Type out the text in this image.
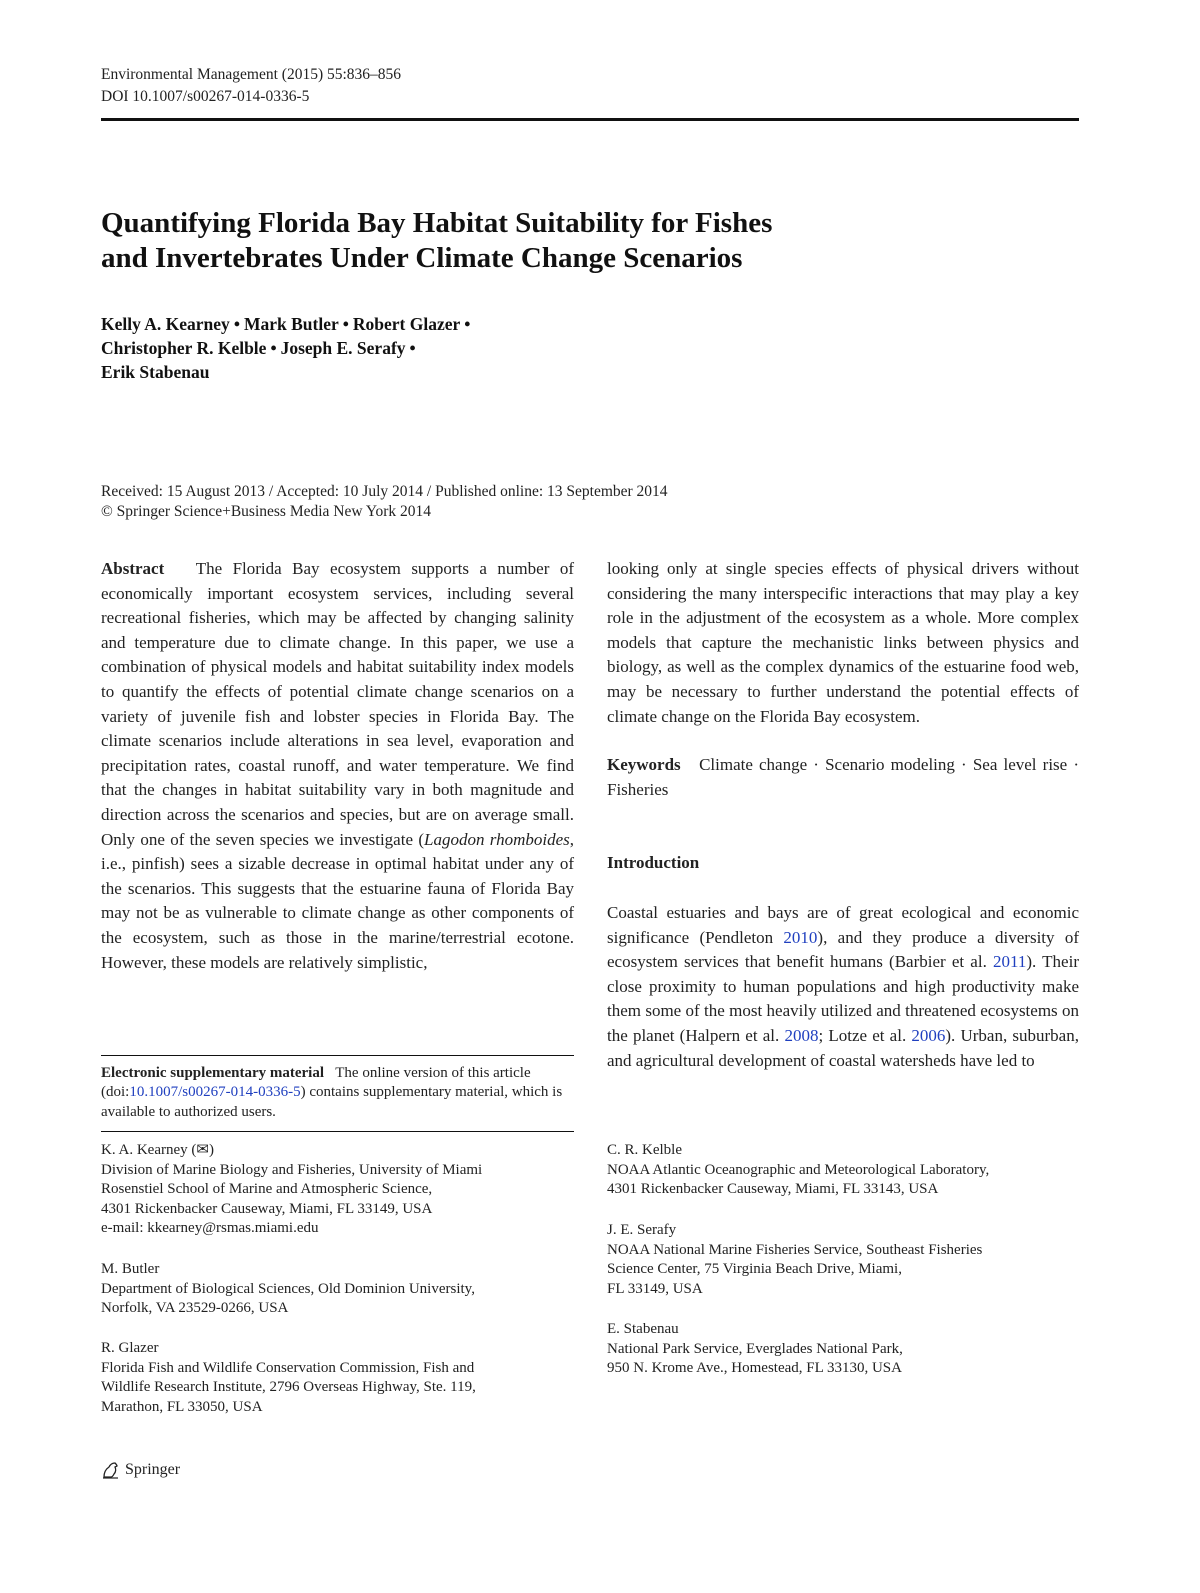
Environmental Management (2015) 55:836–856
DOI 10.1007/s00267-014-0336-5
Quantifying Florida Bay Habitat Suitability for Fishes
and Invertebrates Under Climate Change Scenarios
Kelly A. Kearney • Mark Butler • Robert Glazer •
Christopher R. Kelble • Joseph E. Serafy •
Erik Stabenau
Received: 15 August 2013 / Accepted: 10 July 2014 / Published online: 13 September 2014
© Springer Science+Business Media New York 2014

Abstract The Florida Bay ecosystem supports a number of economically important ecosystem services, including several recreational fisheries, which may be affected by changing salinity and temperature due to climate change. In this paper, we use a combination of physical models and habitat suitability index models to quantify the effects of potential climate change scenarios on a variety of juvenile fish and lobster species in Florida Bay. The climate scenarios include alterations in sea level, evaporation and precipitation rates, coastal runoff, and water temperature. We find that the changes in habitat suitability vary in both magnitude and direction across the scenarios and species, but are on average small. Only one of the seven species we investigate (Lagodon rhomboides, i.e., pinfish) sees a sizable decrease in optimal habitat under any of the scenarios. This suggests that the estuarine fauna of Florida Bay may not be as vulnerable to climate change as other components of the ecosystem, such as those in the marine/terrestrial ecotone. However, these models are relatively simplistic,

looking only at single species effects of physical drivers without considering the many interspecific interactions that may play a key role in the adjustment of the ecosystem as a whole. More complex models that capture the mechanistic links between physics and biology, as well as the complex dynamics of the estuarine food web, may be necessary to further understand the potential effects of climate change on the Florida Bay ecosystem.

Keywords Climate change · Scenario modeling · Sea level rise · Fisheries

Introduction

Coastal estuaries and bays are of great ecological and economic significance (Pendleton 2010), and they produce a diversity of ecosystem services that benefit humans (Barbier et al. 2011). Their close proximity to human populations and high productivity make them some of the most heavily utilized and threatened ecosystems on the planet (Halpern et al. 2008; Lotze et al. 2006). Urban, suburban, and agricultural development of coastal watersheds have led to

Electronic supplementary material The online version of this article (doi:10.1007/s00267-014-0336-5) contains supplementary material, which is available to authorized users.
K. A. Kearney (✉)
Division of Marine Biology and Fisheries, University of Miami
Rosenstiel School of Marine and Atmospheric Science,
4301 Rickenbacker Causeway, Miami, FL 33149, USA
e-mail: kkearney@rsmas.miami.edu
M. Butler
Department of Biological Sciences, Old Dominion University,
Norfolk, VA 23529-0266, USA
R. Glazer
Florida Fish and Wildlife Conservation Commission, Fish and
Wildlife Research Institute, 2796 Overseas Highway, Ste. 119,
Marathon, FL 33050, USA
C. R. Kelble
NOAA Atlantic Oceanographic and Meteorological Laboratory,
4301 Rickenbacker Causeway, Miami, FL 33143, USA
J. E. Serafy
NOAA National Marine Fisheries Service, Southeast Fisheries
Science Center, 75 Virginia Beach Drive, Miami,
FL 33149, USA
E. Stabenau
National Park Service, Everglades National Park,
950 N. Krome Ave., Homestead, FL 33130, USA
Springer
